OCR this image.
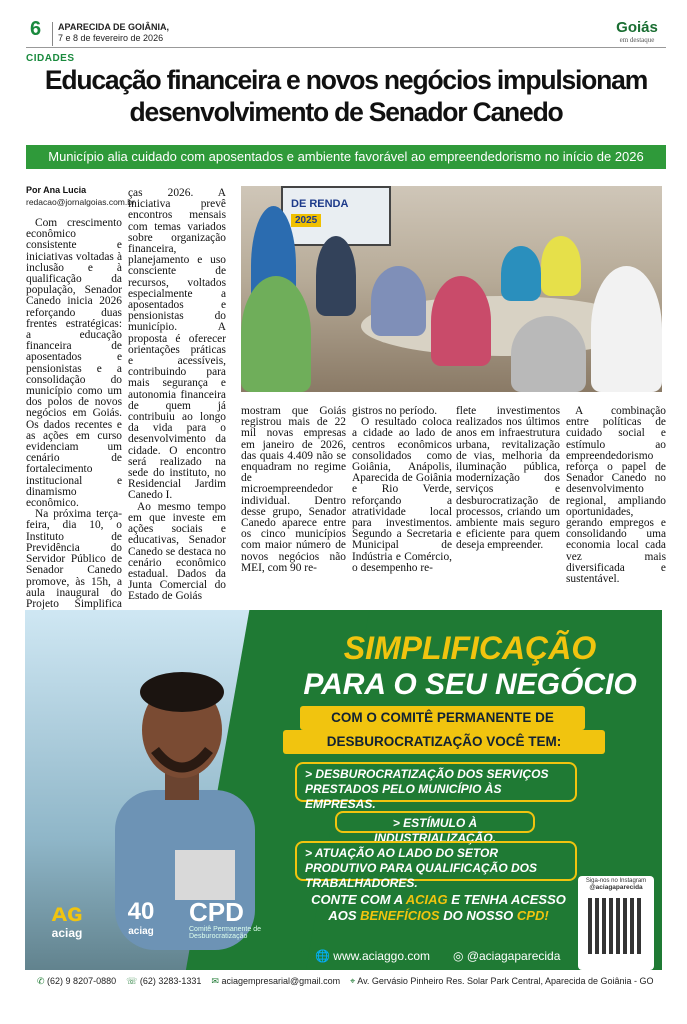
6 APARECIDA DE GOIÂNIA,
7 e 8 de fevereiro de 2026
Goiás
em destaque
CIDADES
Educação financeira e novos negócios impulsionam desenvolvimento de Senador Canedo
Município alia cuidado com aposentados e ambiente favorável ao empreendedorismo no início de 2026
Por Ana Lucia
redacao@jornalgoias.com.br

Com crescimento econômico consistente e iniciativas voltadas à inclusão e à qualificação da população, Senador Canedo inicia 2026 reforçando duas frentes estratégicas: a educação financeira de aposentados e pensionistas e a consolidação do município como um dos polos de novos negócios em Goiás. Os dados recentes e as ações em curso evidenciam um cenário de fortalecimento institucional e dinamismo econômico.

Na próxima terça-feira, dia 10, o Instituto de Previdência do Servidor Público de Senador Canedo promove, às 15h, a aula inaugural do Projeto Simplifica

ças 2026. A iniciativa prevê encontros mensais com temas variados sobre organização financeira, planejamento e uso consciente de recursos, voltados especialmente a aposentados e pensionistas do município. A proposta é oferecer orientações práticas e acessíveis, contribuindo para mais segurança e autonomia financeira de quem já contribuiu ao longo da vida para o desenvolvimento da cidade. O encontro será realizado na sede do instituto, no Residencial Jardim Canedo I.

Ao mesmo tempo em que investe em ações sociais e educativas, Senador Canedo se destaca no cenário econômico estadual. Dados da Junta Comercial do Estado de Goiás

DE RENDA
2025

mostram que Goiás registrou mais de 22 mil novas empresas em janeiro de 2026, das quais 4.409 não se enquadram no regime de microempreendedor individual. Dentro desse grupo, Senador Canedo aparece entre os cinco municípios com maior número de novos negócios não MEI, com 90 re-

gistros no período.

O resultado coloca a cidade ao lado de centros econômicos consolidados como Goiânia, Anápolis, Aparecida de Goiânia e Rio Verde, reforçando a atratividade local para investimentos. Segundo a Secretaria Municipal de Indústria e Comércio, o desempenho re-

flete investimentos realizados nos últimos anos em infraestrutura urbana, revitalização de vias, melhoria da iluminação pública, modernização dos serviços e desburocratização de processos, criando um ambiente mais seguro e eficiente para quem deseja empreender.

A combinação entre políticas de cuidado social e estímulo ao empreendedorismo reforça o papel de Senador Canedo no desenvolvimento regional, ampliando oportunidades, gerando empregos e consolidando uma economia local cada vez mais diversificada e sustentável.

SIMPLIFICAÇÃO
PARA O SEU NEGÓCIO
COM O COMITÊ PERMANENTE DE
DESBUROCRATIZAÇÃO VOCÊ TEM:
> DESBUROCRATIZAÇÃO DOS SERVIÇOS PRESTADOS PELO MUNICÍPIO ÀS EMPRESAS.
> ESTÍMULO À INDUSTRIALIZAÇÃO.
> ATUAÇÃO AO LADO DO SETOR PRODUTIVO PARA QUALIFICAÇÃO DOS TRABALHADORES.
CONTE COM A ACIAG E TENHA ACESSO
AOS BENEFÍCIOS DO NOSSO CPD!
ᴀɢ
aciag
40
aciag
CPD
Comitê Permanente de Desburocratização
🌐 www.aciaggo.com ◎ @aciagaparecida
Siga-nos no Instagram
@aciagaparecida
✆ (62) 9 8207-0880 ☏ (62) 3283-1331 ✉ aciagempresarial@gmail.com ⌖ Av. Gervásio Pinheiro Res. Solar Park Central, Aparecida de Goiânia - GO
